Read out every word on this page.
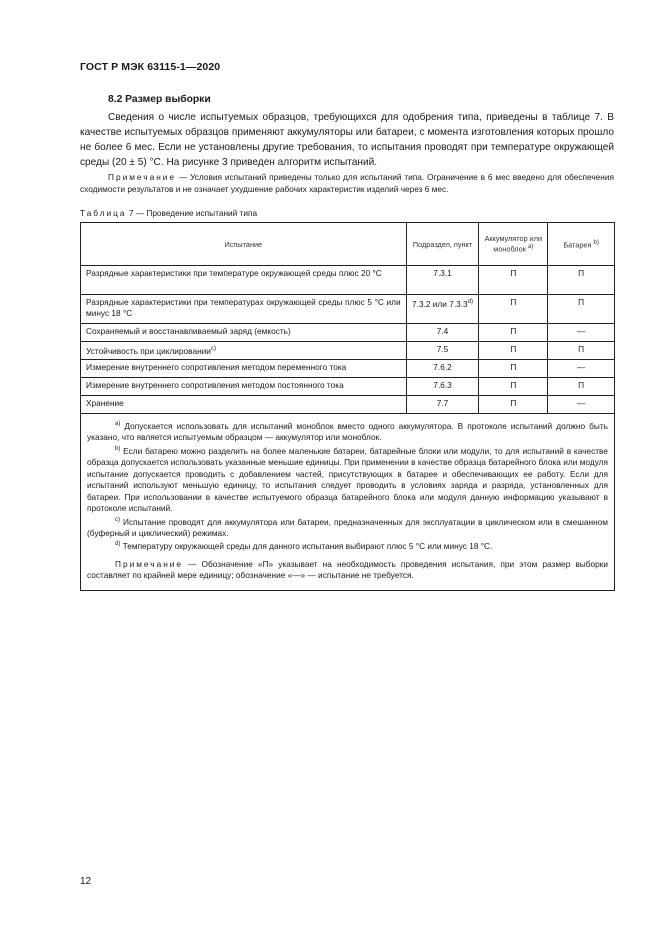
ГОСТ Р МЭК 63115-1—2020
8.2 Размер выборки

Сведения о числе испытуемых образцов, требующихся для одобрения типа, приведены в таблице 7. В качестве испытуемых образцов применяют аккумуляторы или батареи, с момента изготовления которых прошло не более 6 мес. Если не установлены другие требования, то испытания проводят при температуре окружающей среды (20 ± 5) °С. На рисунке 3 приведен алгоритм испытаний.

Примечание — Условия испытаний приведены только для испытаний типа. Ограничение в 6 мес введено для обеспечения сходимости результатов и не означает ухудшение рабочих характеристик изделий через 6 мес.

Таблица 7 — Проведение испытаний типа
Испытание	Подраздел, пункт	Аккумулятор или моноблок $^{а)}$	Батарея $^{b)}$
Разрядные характеристики при температуре окружающей среды плюс 20 °С	7.3.1	П	П
Разрядные характеристики при температурах окружающей среды плюс 5 °С или минус 18 °С	7.3.2 или 7.3.3$^{d)}$	П	П
Сохраняемый и восстанавливаемый заряд (емкость)	7.4	П	—
Устойчивость при циклировании$^{с)}$	7.5	П	П
Измерение внутреннего сопротивления методом переменного тока	7.6.2	П	—
Измерение внутреннего сопротивления методом постоянного тока	7.6.3	П	П
Хранение	7.7	П	—

$^{а)}$ Допускается использовать для испытаний моноблок вместо одного аккумулятора. В протоколе испытаний должно быть указано, что является испытуемым образцом — аккумулятор или моноблок.

$^{b)}$ Если батарею можно разделить на более маленькие батареи, батарейные блоки или модули, то для испытаний в качестве образца допускается использовать указанные меньшие единицы. При применении в качестве образца батарейного блока или модуля испытание допускается проводить с добавлением частей, присутствующих в батарее и обеспечивающих ее работу. Если для испытаний используют меньшую единицу, то испытания следует проводить в условиях заряда и разряда, установленных для батареи. При использовании в качестве испытуемого образца батарейного блока или модуля данную информацию указывают в протоколе испытаний.

$^{с)}$ Испытание проводят для аккумулятора или батареи, предназначенных для эксплуатации в циклическом или в смешанном (буферный и циклический) режимах.

$^{d)}$ Температуру окружающей среды для данного испытания выбирают плюс 5 °С или минус 18 °С.

Примечание — Обозначение «П» указывает на необходимость проведения испытания, при этом размер выборки составляет по крайней мере единицу; обозначение «—» — испытание не требуется.			

12
